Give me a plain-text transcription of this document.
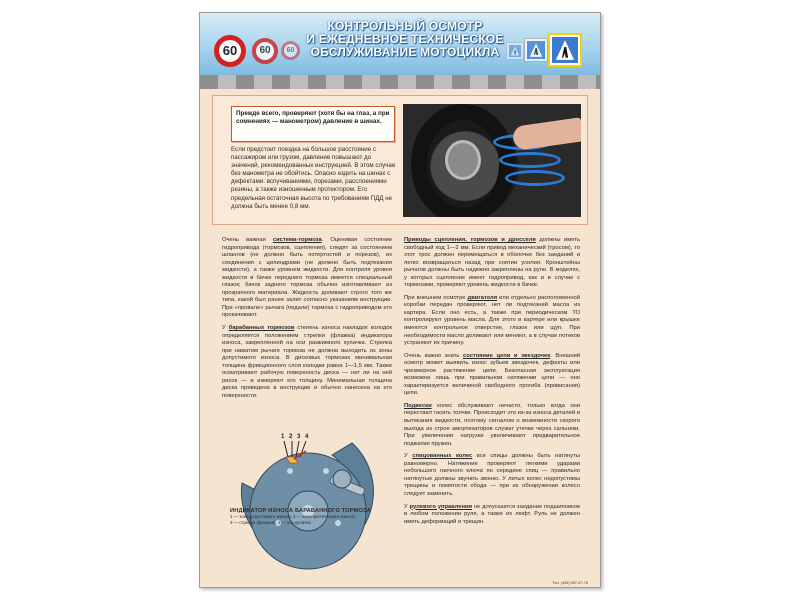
60	60	60
КОНТРОЛЬНЫЙ ОСМОТР
И ЕЖЕДНЕВНОЕ ТЕХНИЧЕСКОЕ
ОБСЛУЖИВАНИЕ МОТОЦИКЛА
Прежде всего, проверяют (хотя бы на глаз, а при сомнениях — манометром) давление в шинах.
Если предстоит поездка на большое расстояние с пассажиром или грузом, давление повышают до значений, рекомендованных инструкцией. В этом случае без манометра не обойтись. Опасно ездить на шинах с дефектами: вспучиваниями, порезами, расслоениями резины, а также изношенным протектором. Его предельная остаточная высота по требованиям ПДД не должна быть менее 0,8 мм.

Очень важная система-тормоза. Оценивая состояние гидропривода (тормозов, сцепления), следят за состоянием шлангов (не должно быть потертостей и порезов), их соединения с цилиндрами (не должно быть подтекания жидкости), а также уровнем жидкости. Для контроля уровня жидкости в бачке переднего тормоза имеется специальный глазок; бачок заднего тормоза обычно изготавливают из прозрачного материала. Жидкость доливают строго того же типа, какой был ранее залит согласно указаниям инструкции. При «провале» рычага (педали) тормоза с гидроприводом его прокачивают.

У барабанных тормозов степень износа накладок колодок определяется положением стрелки (флажка) индикатора износа, закрепленной на оси разжимного кулачка. Стрелка при нажатом рычаге тормоза не должна выходить из зоны допустимого износа. В дисковых тормозах минимальная толщина фрикционного слоя колодки равна 1—1,5 мм. Также осматривают рабочую поверхность диска — нет ли на ней рисок — и измеряют его толщину. Минимальная толщина диска приведена в инструкции и обычно нанесена на его поверхности.

1 2 3 4
ИНДИКАТОР ИЗНОСА БАРАБАННОГО ТОРМОЗА
1 — зона допустимого износа; 2 — зона критического износа;
3 — стрелка (флажок); 4 — ось кулачка

Приводы сцепления, тормозов и дросселя должны иметь свободный ход 1—2 мм. Если привод механический (тросом), то этот трос должен перемещаться в оболочке без заеданий и легко возвращаться назад при снятии усилия. Кронштейны рычагов должны быть надежно закреплены на руле. В моделях, у которых сцепление имеет гидропривод, как и в случае с тормозами, проверяют уровень жидкости в бачке.

При внешнем осмотре двигателя или отдельно расположенной коробки передач проверяют, нет ли подтеканий масла из картера. Если оно есть, а также при периодическом ТО контролируют уровень масла. Для этого в картере или крышке имеются контрольное отверстие, глазок или щуп. При необходимости масло доливают или меняют, а в случае потеков устраняют их причину.

Очень важно знать состояние цепи и звездочек. Внешний осмотр может выявить износ зубьев звездочек, дефекты или чрезмерное растяжение цепи. Безопасная эксплуатация возможна лишь при правильном натяжении цепи — оно характеризуется величиной свободного прогиба (провисания) цепи.

Подвески колес обслуживают нечасто, только когда они перестают гасить толчки. Происходит это из-за износа деталей и вытекания жидкости, поэтому сигналом о возможности скорого выхода из строя амортизаторов служат утечки через сальники. При увеличении нагрузки увеличивают предварительное поджатие пружин.

У спицованных колес все спицы должны быть натянуты равномерно. Натяжение проверяют легкими ударами небольшого гаечного ключа по середине спиц — правильно натянутые должны звучать звонко. У литых колес недопустимы трещины и помятости обода — при их обнаружении колесо следует заменить.

У рулевого управления не допускается заедание подшипников в любом положении руля, а также их люфт. Руль не должен иметь деформаций и трещин.

Тел. (495) 987-87-76
